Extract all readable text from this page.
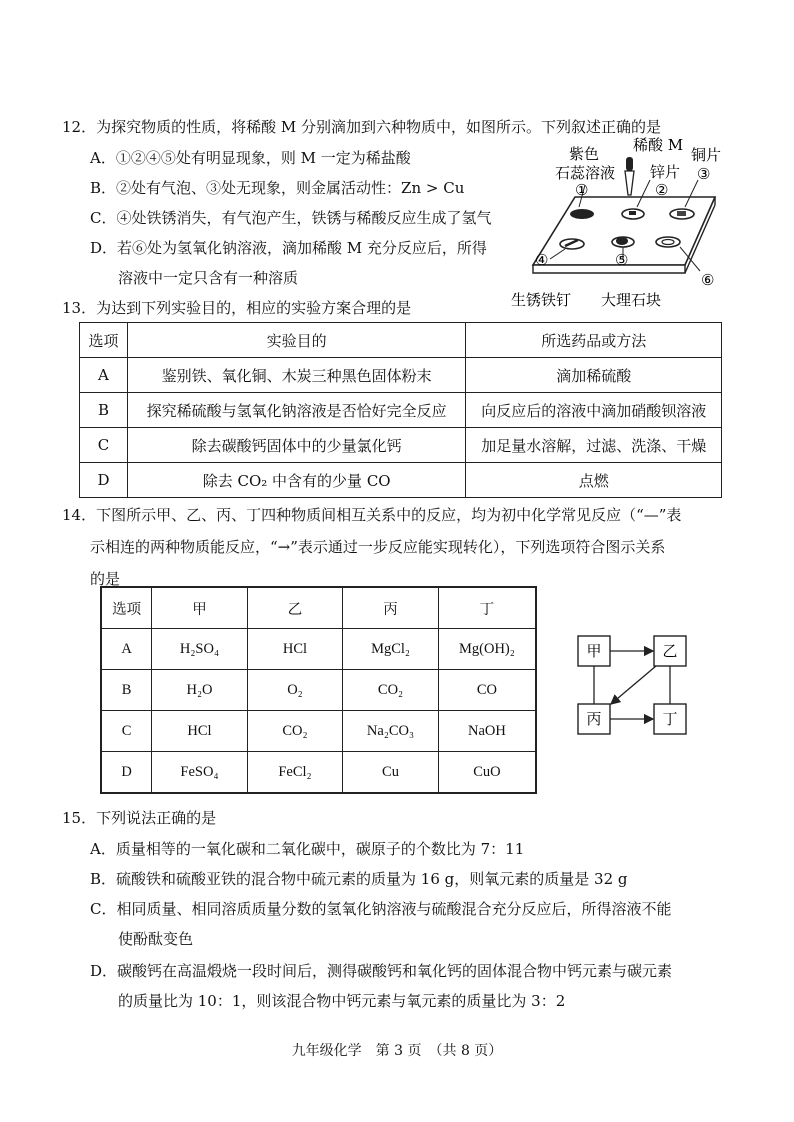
12．为探究物质的性质，将稀酸 M 分别滴加到六种物质中，如图所示。下列叙述正确的是
A．①②④⑤处有明显现象，则 M 一定为稀盐酸
B．②处有气泡、③处无现象，则金属活动性：Zn > Cu
C．④处铁锈消失，有气泡产生，铁锈与稀酸反应生成了氢气
D．若⑥处为氢氧化钠溶液，滴加稀酸 M 充分反应后，所得
溶液中一定只含有一种溶质
紫色
石蕊溶液
①
稀酸 M
锌片
②
铜片
③
④	⑤
⑥
生锈铁钉 大理石块
13．为达到下列实验目的，相应的实验方案合理的是
选项	实验目的	所选药品或方法
A	鉴别铁、氧化铜、木炭三种黑色固体粉末	滴加稀硫酸
B	探究稀硫酸与氢氧化钠溶液是否恰好完全反应	向反应后的溶液中滴加硝酸钡溶液
C	除去碳酸钙固体中的少量氯化钙	加足量水溶解，过滤、洗涤、干燥
D	除去 CO₂ 中含有的少量 CO	点燃
14．下图所示甲、乙、丙、丁四种物质间相互关系中的反应，均为初中化学常见反应（“—”表
示相连的两种物质能反应，“→”表示通过一步反应能实现转化），下列选项符合图示关系
的是
选项	甲	乙	丙	丁
A	H₂SO₄	HCl	MgCl₂	Mg(OH)₂
B	H₂O	O₂	CO₂	CO
C	HCl	CO₂	Na₂CO₃	NaOH
D	FeSO₄	FeCl₂	Cu	CuO
甲	乙
丙	丁
15．下列说法正确的是
A．质量相等的一氧化碳和二氧化碳中，碳原子的个数比为 7：11
B．硫酸铁和硫酸亚铁的混合物中硫元素的质量为 16 g，则氧元素的质量是 32 g
C．相同质量、相同溶质质量分数的氢氧化钠溶液与硫酸混合充分反应后，所得溶液不能
使酚酞变色
D．碳酸钙在高温煅烧一段时间后，测得碳酸钙和氧化钙的固体混合物中钙元素与碳元素
的质量比为 10：1，则该混合物中钙元素与氧元素的质量比为 3：2
九年级化学　第 3 页　（共 8 页）
